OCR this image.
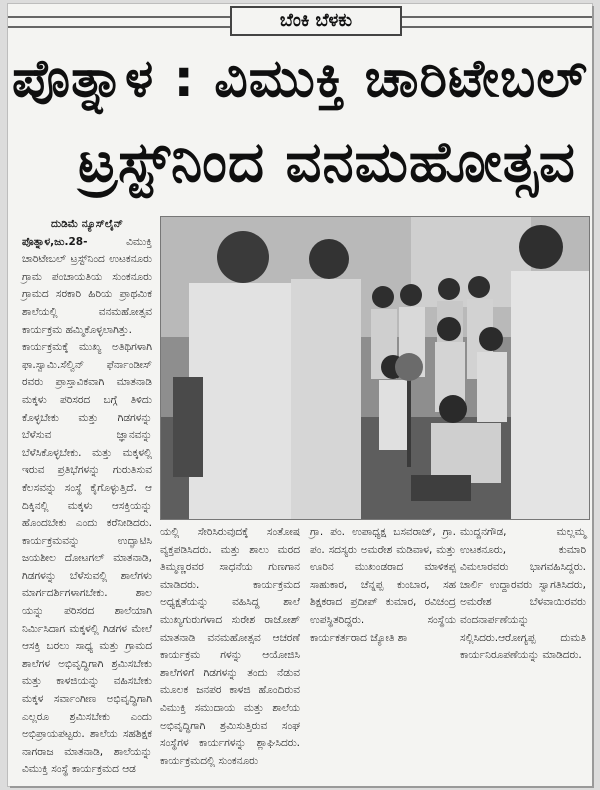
ಬೆಂಕಿ ಬೆಳಕು
ಪೊತ್ನಾಳ : ವಿಮುಕ್ತಿ ಚಾರಿಟೇಬಲ್
ಟ್ರಸ್ಟ್‌ನಿಂದ ವನಮಹೋತ್ಸವ

ದುಡಿಮೆ ನ್ಯೂಸ್‌ಲೈನ್

ಪೊತ್ನಾಳ,ಜು.28-	ವಿಮುಕ್ತಿ ಚಾರಿಟೇಬಲ್ ಟ್ರಸ್ಟ್‌ನಿಂದ ಉಟಕನೂರು ಗ್ರಾಮ ಪಂಚಾಯತಿಯ ಸುಂಕನೂರು ಗ್ರಾಮದ ಸರಕಾರಿ ಹಿರಿಯ ಪ್ರಾಥಮಿಕ ಶಾಲೆಯಲ್ಲಿ ವನಮಹೋತ್ಸವ ಕಾರ್ಯಕ್ರಮ ಹಮ್ಮಿಕೊಳ್ಳಲಾಗಿತ್ತು.

ಕಾರ್ಯಕ್ರಮಕ್ಕೆ ಮುಖ್ಯ ಅತಿಥಿಗಳಾಗಿ ಫಾ.ಸ್ವಾಮಿ.ಸೆಲ್ವಿನ್ ಫೆರ್ನಾಂಡೀಸ್ ರವರು ಪ್ರಾಸ್ತಾವಿಕವಾಗಿ ಮಾತನಾಡಿ ಮಕ್ಕಳು ಪರಿಸರದ ಬಗ್ಗೆ ತಿಳಿದು ಕೊಳ್ಳಬೇಕು ಮತ್ತು ಗಿಡಗಳನ್ನು ಬೆಳೆಸುವ ಜ್ಞಾನವನ್ನು ಬೆಳೆಸಿಕೊಳ್ಳಬೇಕು. ಮತ್ತು ಮಕ್ಕಳಲ್ಲಿ ಇರುವ ಪ್ರತಿಭೆಗಳನ್ನು ಗುರುತಿಸುವ ಕೆಲಸವನ್ನು ಸಂಸ್ಥೆ ಕೈಗೊಳ್ಳುತ್ತಿದೆ. ಆ ದಿಕ್ಕಿನಲ್ಲಿ ಮಕ್ಕಳು ಆಸಕ್ತಿಯನ್ನು ಹೊಂದಬೇಕು ಎಂದು ಕರೆನೀಡಿದರು. ಕಾರ್ಯಕ್ರಮವನ್ನು ಉದ್ಘಾಟಿಸಿ ಜಯಶೀಲ ದೋಟಗಲ್ ಮಾತನಾಡಿ, ಗಿಡಗಳನ್ನು ಬೆಳೆಸುವಲ್ಲಿ ಶಾಲೆಗಳು ಮಾರ್ಗದರ್ಶಿಗಳಾಗಬೇಕು. ಶಾಲ ಯನ್ನು ಪರಿಸರದ ಶಾಲೆಯಾಗಿ ನಿರ್ಮಿಸಿದಾಗ ಮಕ್ಕಳಲ್ಲಿ ಗಿಡಗಳ ಮೇಲೆ ಆಸಕ್ತಿ ಬರಲು ಸಾಧ್ಯ ಮತ್ತು ಗ್ರಾಮದ ಶಾಲೆಗಳ ಅಭಿವೃದ್ಧಿಗಾಗಿ ಶ್ರಮಿಸಬೇಕು ಮತ್ತು ಕಾಳಜಿಯನ್ನು ವಹಿಸಬೇಕು ಮಕ್ಕಳ ಸರ್ವಾಂಗೀಣ ಅಭಿವೃದ್ಧಿಗಾಗಿ ಎಲ್ಲರೂ ಶ್ರಮಿಸಬೇಕು ಎಂದು ಅಭಿಪ್ರಾಯಪಟ್ಟರು. ಶಾಲೆಯ ಸಹಶಿಕ್ಷಕ ನಾಗರಾಜ ಮಾತನಾಡಿ, ಶಾಲೆಯನ್ನು ವಿಮುಕ್ತಿ ಸಂಸ್ಥೆ ಕಾರ್ಯಕ್ರಮದ ಆಡ

ಯಲ್ಲಿ ಸೇರಿಸಿರುವುದಕ್ಕೆ ಸಂತೋಷ ವ್ಯಕ್ತಪಡಿಸಿದರು. ಮತ್ತು ಶಾಲು ಮರದ ತಿಮ್ಮಣ್ಣರವರ ಸಾಧನೆಯ ಗುಣಗಾನ ಮಾಡಿದರು. ಕಾರ್ಯಕ್ರಮದ ಅಧ್ಯಕ್ಷತೆಯನ್ನು ವಹಿಸಿದ್ದ ಶಾಲೆ ಮುಖ್ಯಗುರುಗಳಾದ ಸುರೇಶ ರಾಜೋಶ್ ಮಾತನಾಡಿ ವನಮಹೋತ್ಸವ ಆಚರಣೆ ಕಾರ್ಯಕ್ರಮ ಗಳನ್ನು ಆಯೋಜಿಸಿ ಶಾಲೆಗಳಿಗೆ ಗಿಡಗಳನ್ನು ತಂದು ನೆಡುವ ಮೂಲಕ ಜನಪರ ಕಾಳಜಿ ಹೊಂದಿರುವ ವಿಮುಕ್ತಿ ಸಮುದಾಯ ಮತ್ತು ಶಾಲೆಯ ಅಭಿವೃದ್ಧಿಗಾಗಿ ಶ್ರಮಿಸುತ್ತಿರುವ ಸಂಘ ಸಂಸ್ಥೆಗಳ ಕಾರ್ಯಗಳನ್ನು ಶ್ಲಾಘಿಸಿದರು. ಕಾರ್ಯಕ್ರಮದಲ್ಲಿ ಸುಂಕನೂರು
ಗ್ರಾ. ಪಂ. ಉಪಾಧ್ಯಕ್ಷ ಬಸವರಾಜ್, ಗ್ರಾ. ಪಂ. ಸದಸ್ಯರು ಅಮರೇಶ ಮಡಿವಾಳ, ಮತ್ತು ಊರಿನ ಮುಖಂಡರಾದ ಮಾಳಿಕಪ್ಪ ಸಾಹುಕಾರ, ಚೆನ್ನಪ್ಪ ಕುಂಬಾರ, ಸಹ ಶಿಕ್ಷಕರಾದ ಪ್ರದೀಪ್ ಕುಮಾರ, ರವಿಚಂದ್ರ ಉಪಸ್ಥಿತರಿದ್ದರು. ಸಂಸ್ಥೆಯ ಕಾರ್ಯಕರ್ತರಾದ ಜ್ಯೋತಿ ಶಾ
ಮುದ್ದನಗೌಡ, ಮಲ್ಲಮ್ಮ ಉಟಕನೂರು, ಕುಮಾರಿ ವಿಮಲಾರವರು ಭಾಗವಹಿಸಿದ್ದರು. ಚಾರ್ಲಿ ಉದ್ದಾರವರು ಸ್ವಾಗತಿಸಿದರು, ಅಮರೇಶ ಬೆಳವಾಯಿರವರು ವಂದನಾರ್ಪಣೆಯನ್ನು ಸಲ್ಲಿಸಿದರು.ಆರೋಗ್ಯಪ್ಪ ದುಮತಿ ಕಾರ್ಯನಿರೂಪಣೆಯನ್ನು ಮಾಡಿದರು.
